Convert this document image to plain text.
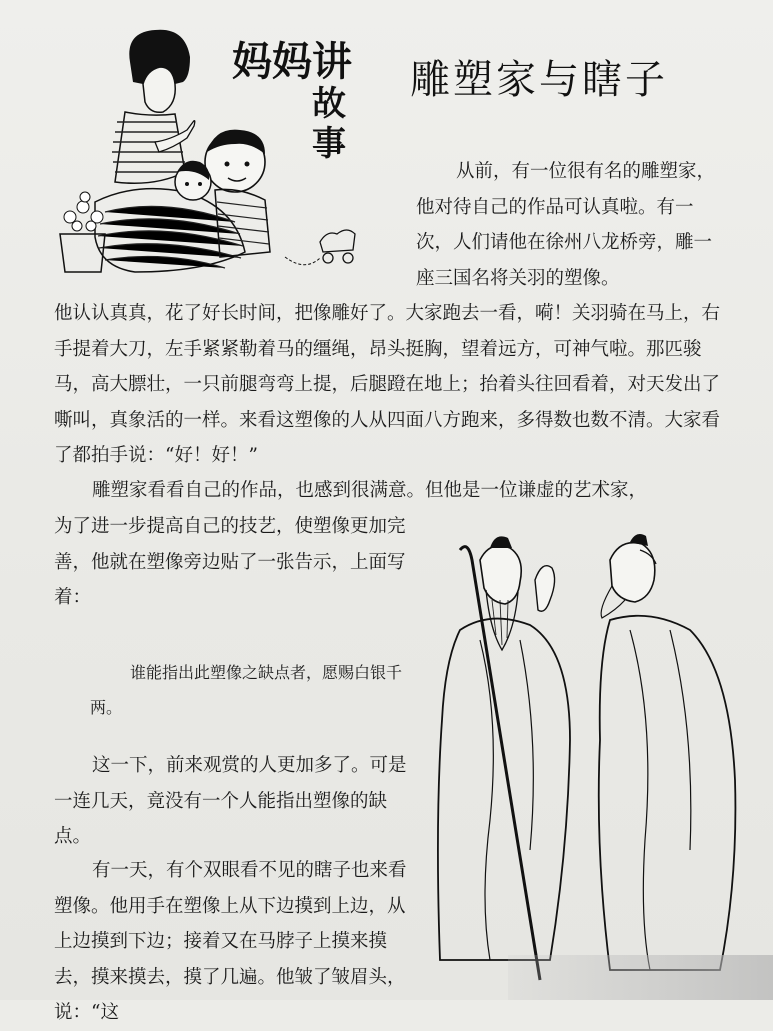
妈妈讲
故事
雕塑家与瞎子

从前，有一位很有名的雕塑家，他对待自己的作品可认真啦。有一次，人们请他在徐州八龙桥旁，雕一座三国名将关羽的塑像。

他认认真真，花了好长时间，把像雕好了。大家跑去一看，嗬！关羽骑在马上，右手提着大刀，左手紧紧勒着马的缰绳，昂头挺胸，望着远方，可神气啦。那匹骏马，高大膘壮，一只前腿弯弯上提，后腿蹬在地上；抬着头往回看着，对天发出了嘶叫，真象活的一样。来看这塑像的人从四面八方跑来，多得数也数不清。大家看了都拍手说：“好！好！”

雕塑家看看自己的作品，也感到很满意。但他是一位谦虚的艺术家，

为了进一步提高自己的技艺，使塑像更加完善，他就在塑像旁边贴了一张告示，上面写着：

谁能指出此塑像之缺点者，愿赐白银千两。

这一下，前来观赏的人更加多了。可是一连几天，竟没有一个人能指出塑像的缺点。

有一天，有个双眼看不见的瞎子也来看塑像。他用手在塑像上从下边摸到上边，从上边摸到下边；接着又在马脖子上摸来摸去，摸来摸去，摸了几遍。他皱了皱眉头，说：“这
